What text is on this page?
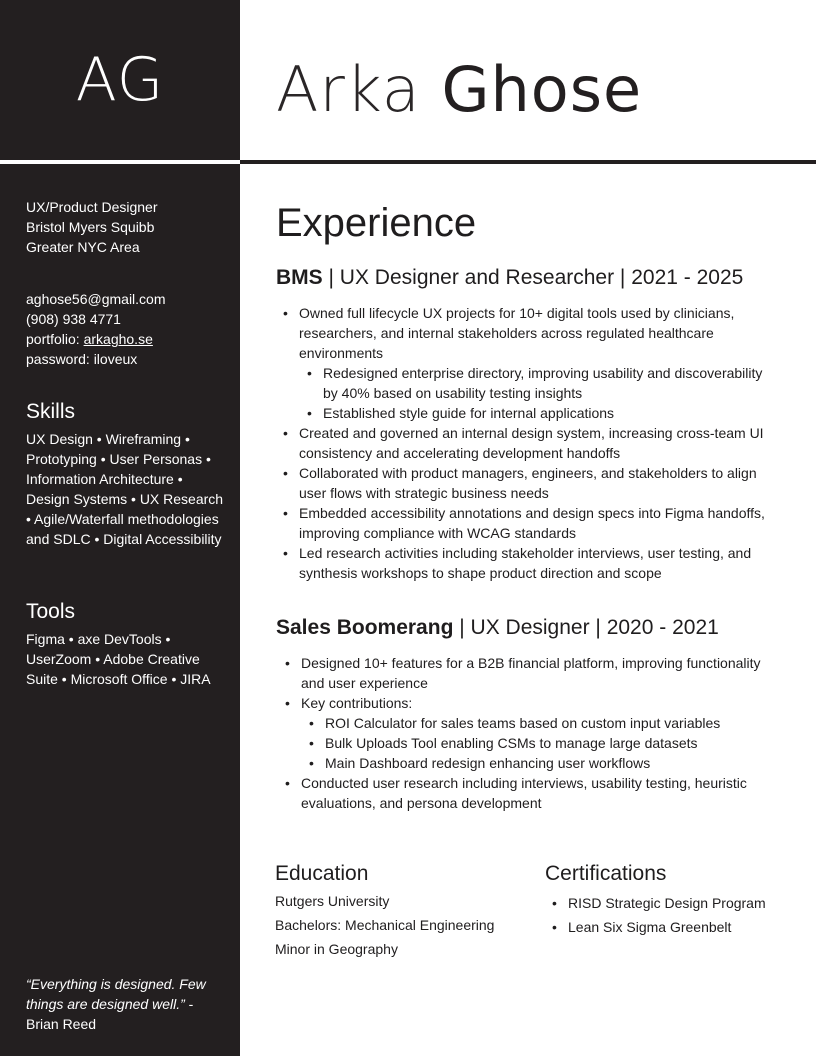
AG

UX/Product Designer

Bristol Myers Squibb

Greater NYC Area

aghose56@gmail.com

(908) 938 4771

portfolio: arkagho.se

password: iloveux

Skills
UX Design • Wireframing • Prototyping • User Personas • Information Architecture • Design Systems • UX Research • Agile/Waterfall methodologies and SDLC • Digital Accessibility
Tools
Figma • axe DevTools • UserZoom • Adobe Creative Suite • Microsoft Office • JIRA
“Everything is designed. Few things are designed well.” - Brian Reed
Arka Ghose
Experience
BMS | UX Designer and Researcher | 2021 - 2025
• Owned full lifecycle UX projects for 10+ digital tools used by clinicians, researchers, and internal stakeholders across regulated healthcare environments
• Redesigned enterprise directory, improving usability and discoverability by 40% based on usability testing insights
• Established style guide for internal applications
• Created and governed an internal design system, increasing cross-team UI consistency and accelerating development handoffs
• Collaborated with product managers, engineers, and stakeholders to align user flows with strategic business needs
• Embedded accessibility annotations and design specs into Figma handoffs, improving compliance with WCAG standards
• Led research activities including stakeholder interviews, user testing, and synthesis workshops to shape product direction and scope
Sales Boomerang | UX Designer | 2020 - 2021
• Designed 10+ features for a B2B financial platform, improving functionality and user experience
• Key contributions:
• ROI Calculator for sales teams based on custom input variables
• Bulk Uploads Tool enabling CSMs to manage large datasets
• Main Dashboard redesign enhancing user workflows
• Conducted user research including interviews, usability testing, heuristic evaluations, and persona development
Education
Rutgers University
Bachelors: Mechanical Engineering
Minor in Geography
Certifications
• RISD Strategic Design Program
• Lean Six Sigma Greenbelt
